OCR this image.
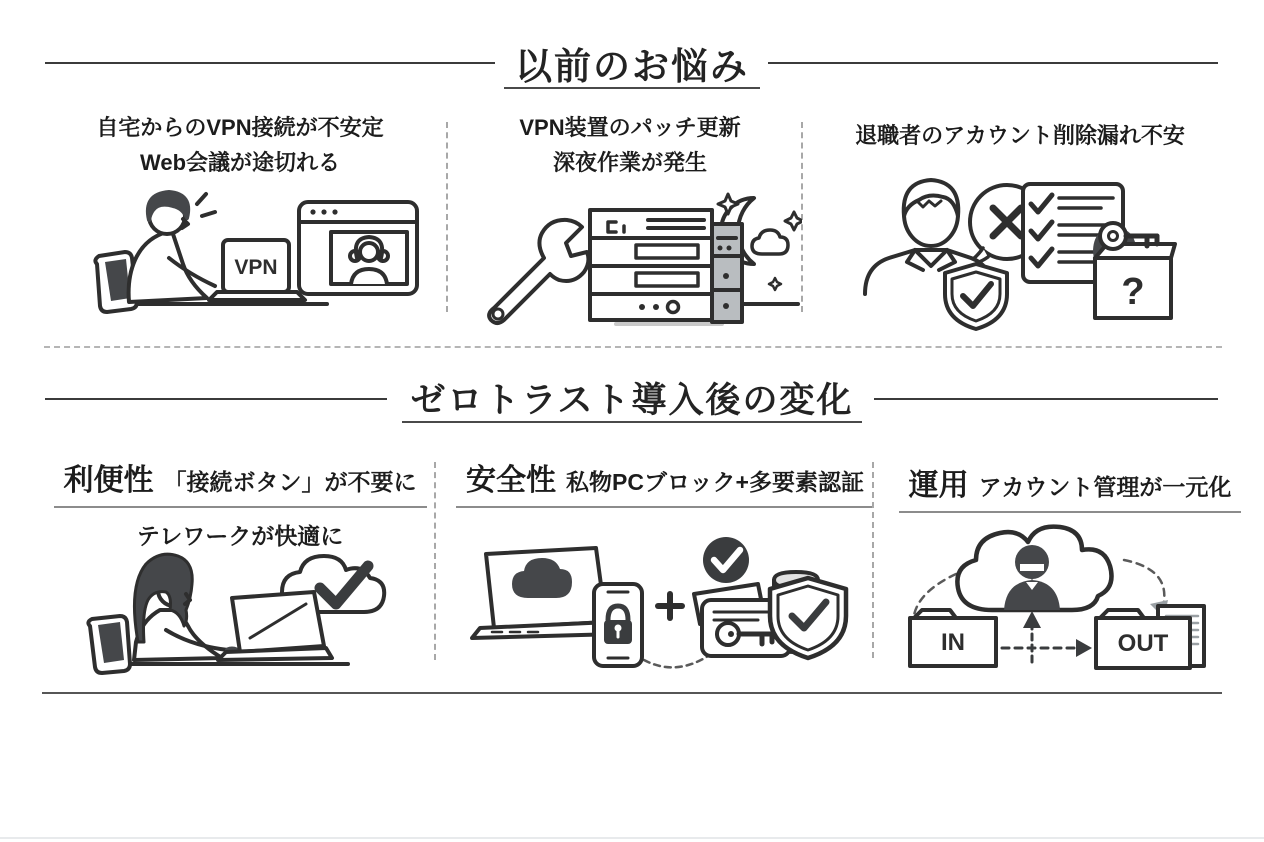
以前のお悩み
自宅からのVPN接続が不安定
Web会議が途切れる
VPN装置のパッチ更新
深夜作業が発生
退職者のアカウント削除漏れ不安
VPN
?
ゼロトラスト導入後の変化
利便性 「接続ボタン」が不要に
テレワークが快適に
安全性 私物PCブロック+多要素認証 運用 アカウント管理が一元化
IN	OUT
